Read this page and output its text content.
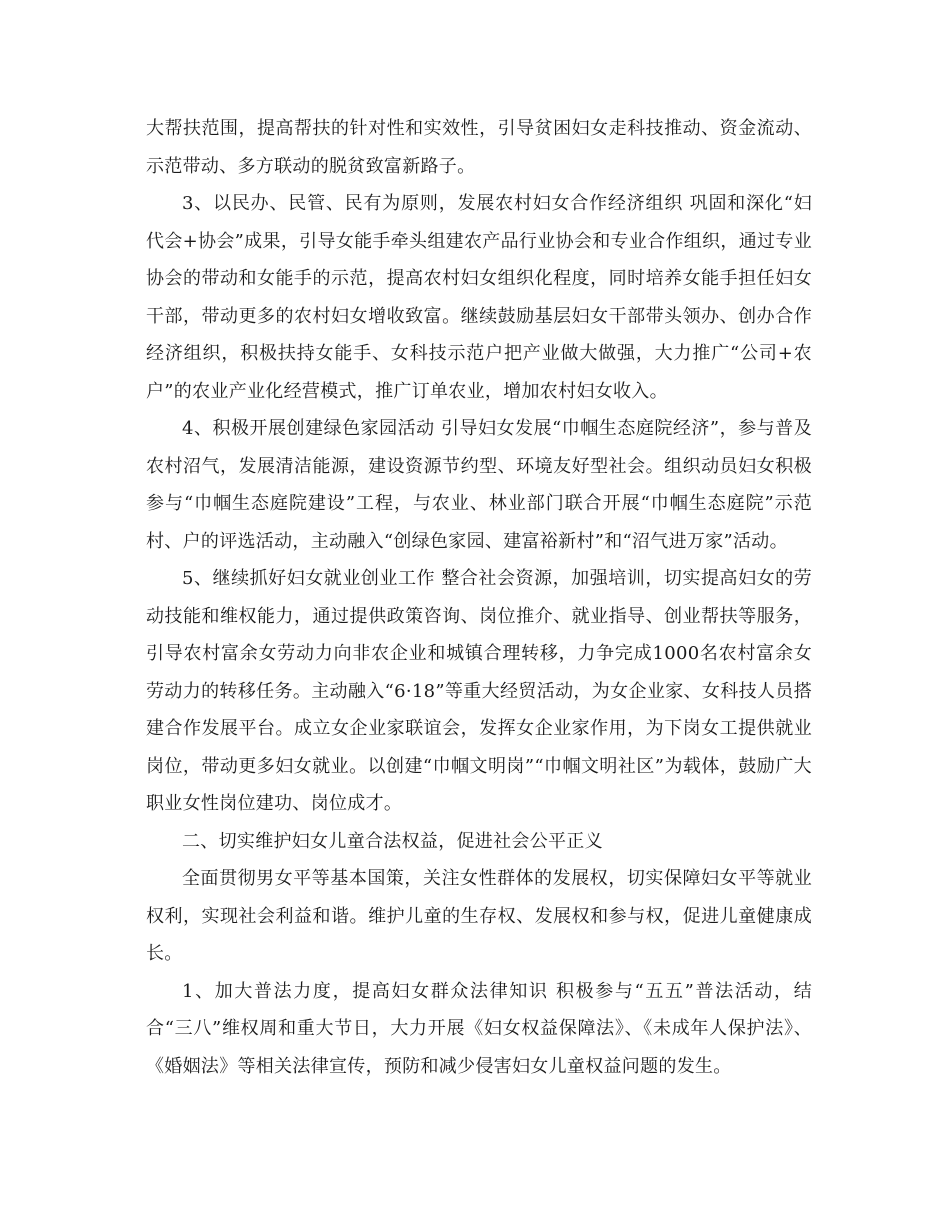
大帮扶范围，提高帮扶的针对性和实效性，引导贫困妇女走科技推动、资金流动、示范带动、多方联动的脱贫致富新路子。

3、以民办、民管、民有为原则，发展农村妇女合作经济组织 巩固和深化“妇代会+协会”成果，引导女能手牵头组建农产品行业协会和专业合作组织，通过专业协会的带动和女能手的示范，提高农村妇女组织化程度，同时培养女能手担任妇女干部，带动更多的农村妇女增收致富。继续鼓励基层妇女干部带头领办、创办合作经济组织，积极扶持女能手、女科技示范户把产业做大做强，大力推广“公司+农户”的农业产业化经营模式，推广订单农业，增加农村妇女收入。

4、积极开展创建绿色家园活动 引导妇女发展“巾帼生态庭院经济”，参与普及农村沼气，发展清洁能源，建设资源节约型、环境友好型社会。组织动员妇女积极参与“巾帼生态庭院建设”工程，与农业、林业部门联合开展“巾帼生态庭院”示范村、户的评选活动，主动融入“创绿色家园、建富裕新村”和“沼气进万家”活动。

5、继续抓好妇女就业创业工作 整合社会资源，加强培训，切实提高妇女的劳动技能和维权能力，通过提供政策咨询、岗位推介、就业指导、创业帮扶等服务，引导农村富余女劳动力向非农企业和城镇合理转移，力争完成1000名农村富余女劳动力的转移任务。主动融入“6·18”等重大经贸活动，为女企业家、女科技人员搭建合作发展平台。成立女企业家联谊会，发挥女企业家作用，为下岗女工提供就业岗位，带动更多妇女就业。以创建“巾帼文明岗”“巾帼文明社区”为载体，鼓励广大职业女性岗位建功、岗位成才。

二、切实维护妇女儿童合法权益，促进社会公平正义

全面贯彻男女平等基本国策，关注女性群体的发展权，切实保障妇女平等就业权利，实现社会利益和谐。维护儿童的生存权、发展权和参与权，促进儿童健康成长。

1、加大普法力度，提高妇女群众法律知识 积极参与“五五”普法活动，结合“三八”维权周和重大节日，大力开展《妇女权益保障法》、《未成年人保护法》、《婚姻法》等相关法律宣传，预防和减少侵害妇女儿童权益问题的发生。
